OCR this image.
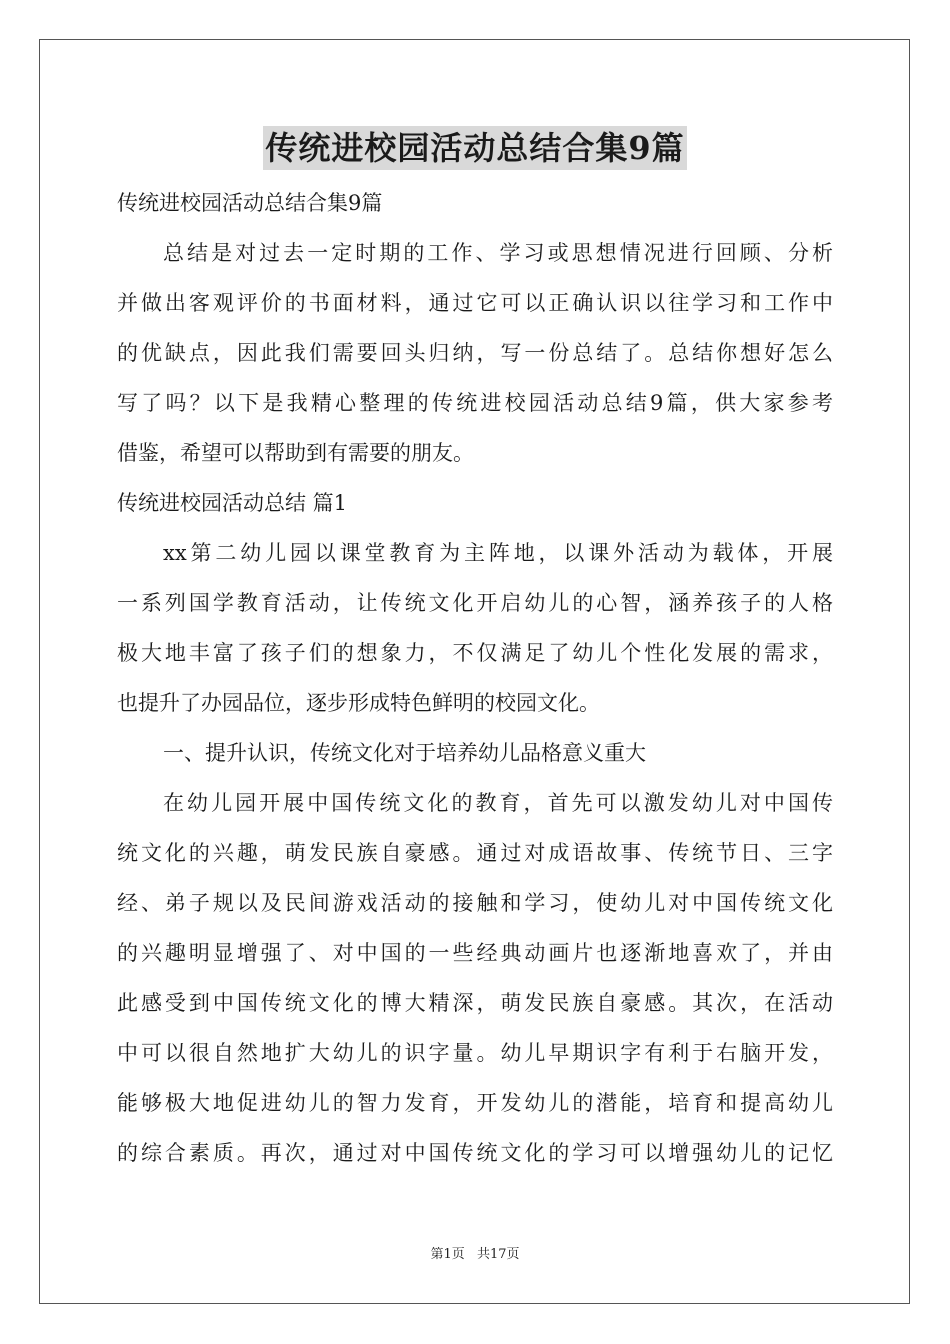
传统进校园活动总结合集9篇
传统进校园活动总结合集9篇
总结是对过去一定时期的工作、学习或思想情况进行回顾、分析
并做出客观评价的书面材料，通过它可以正确认识以往学习和工作中
的优缺点，因此我们需要回头归纳，写一份总结了。总结你想好怎么
写了吗？以下是我精心整理的传统进校园活动总结9篇，供大家参考
借鉴，希望可以帮助到有需要的朋友。
传统进校园活动总结 篇1
xx第二幼儿园以课堂教育为主阵地，以课外活动为载体，开展
一系列国学教育活动，让传统文化开启幼儿的心智，涵养孩子的人格
极大地丰富了孩子们的想象力，不仅满足了幼儿个性化发展的需求，
也提升了办园品位，逐步形成特色鲜明的校园文化。
一、提升认识，传统文化对于培养幼儿品格意义重大
在幼儿园开展中国传统文化的教育，首先可以激发幼儿对中国传
统文化的兴趣，萌发民族自豪感。通过对成语故事、传统节日、三字
经、弟子规以及民间游戏活动的接触和学习，使幼儿对中国传统文化
的兴趣明显增强了、对中国的一些经典动画片也逐渐地喜欢了，并由
此感受到中国传统文化的博大精深，萌发民族自豪感。其次，在活动
中可以很自然地扩大幼儿的识字量。幼儿早期识字有利于右脑开发，
能够极大地促进幼儿的智力发育，开发幼儿的潜能，培育和提高幼儿
的综合素质。再次，通过对中国传统文化的学习可以增强幼儿的记忆
第1页 共17页
